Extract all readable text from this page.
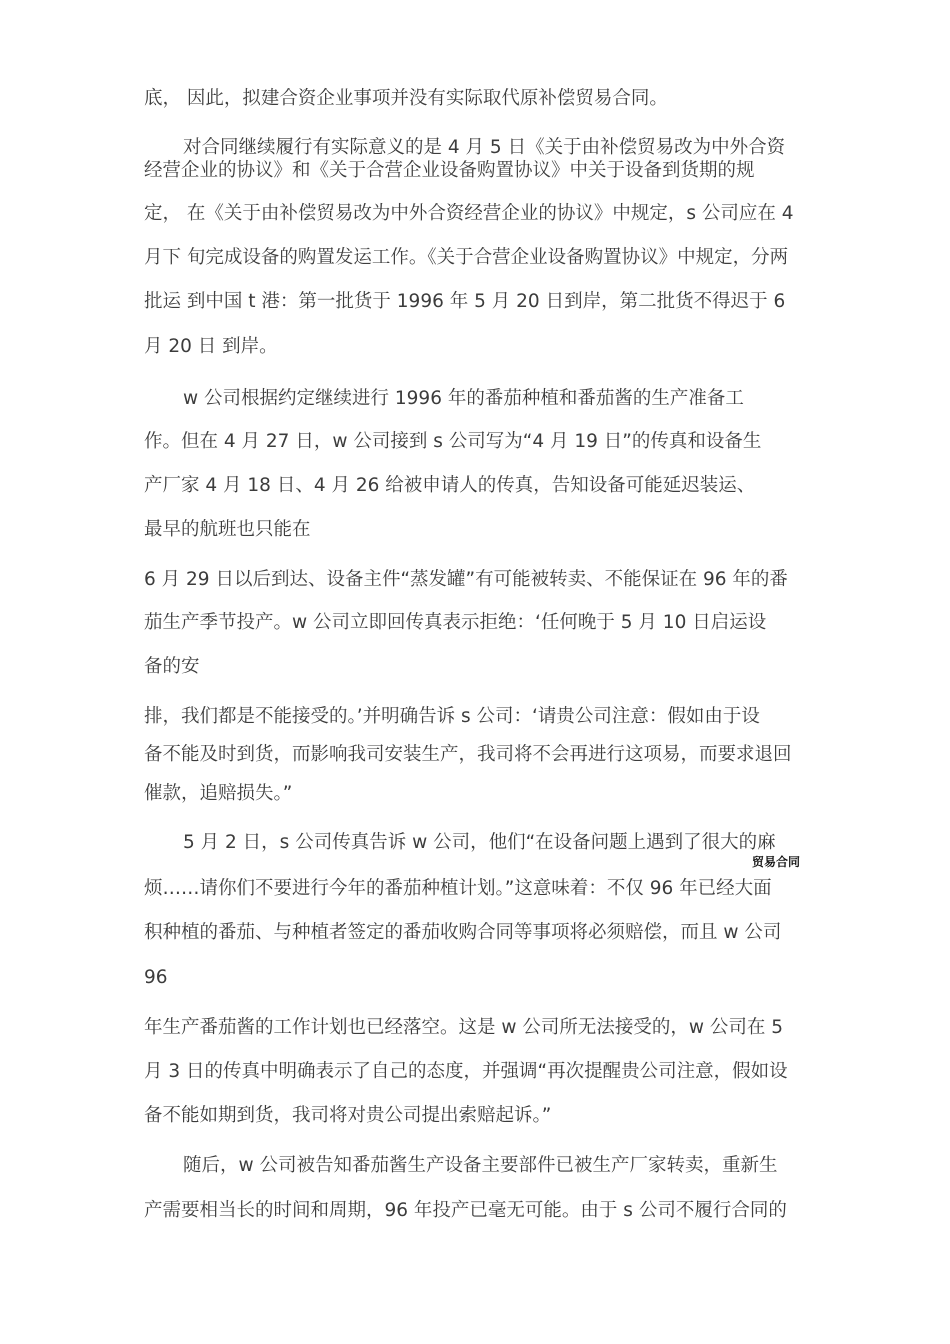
底， 因此，拟建合资企业事项并没有实际取代原补偿贸易合同。
对合同继续履行有实际意义的是 4 月 5 日《关于由补偿贸易改为中外合资
经营企业的协议》和《关于合营企业设备购置协议》中关于设备到货期的规
定， 在《关于由补偿贸易改为中外合资经营企业的协议》中规定，s 公司应在 4
月下 旬完成设备的购置发运工作。《关于合营企业设备购置协议》中规定，分两
批运 到中国 t 港：第一批货于 1996 年 5 月 20 日到岸，第二批货不得迟于 6
月 20 日 到岸。
w 公司根据约定继续进行 1996 年的番茄种植和番茄酱的生产准备工
作。但在 4 月 27 日，w 公司接到 s 公司写为“4 月 19 日”的传真和设备生
产厂家 4 月 18 日、4 月 26 给被申请人的传真，告知设备可能延迟装运、
最早的航班也只能在
6 月 29 日以后到达、设备主件“蒸发罐”有可能被转卖、不能保证在 96 年的番
茄生产季节投产。w 公司立即回传真表示拒绝：‘任何晚于 5 月 10 日启运设
备的安
排，我们都是不能接受的。’并明确告诉 s 公司：‘请贵公司注意：假如由于设
备不能及时到货，而影响我司安装生产，我司将不会再进行这项易，而要求退回
催款，追赔损失。”
5 月 2 日，s 公司传真告诉 w 公司，他们“在设备问题上遇到了很大的麻
贸易合同
烦……请你们不要进行今年的番茄种植计划。”这意味着：不仅 96 年已经大面
积种植的番茄、与种植者签定的番茄收购合同等事项将必须赔偿，而且 w 公司
96
年生产番茄酱的工作计划也已经落空。这是 w 公司所无法接受的，w 公司在 5
月 3 日的传真中明确表示了自己的态度，并强调“再次提醒贵公司注意，假如设
备不能如期到货，我司将对贵公司提出索赔起诉。”
随后，w 公司被告知番茄酱生产设备主要部件已被生产厂家转卖，重新生
产需要相当长的时间和周期，96 年投产已毫无可能。由于 s 公司不履行合同的
